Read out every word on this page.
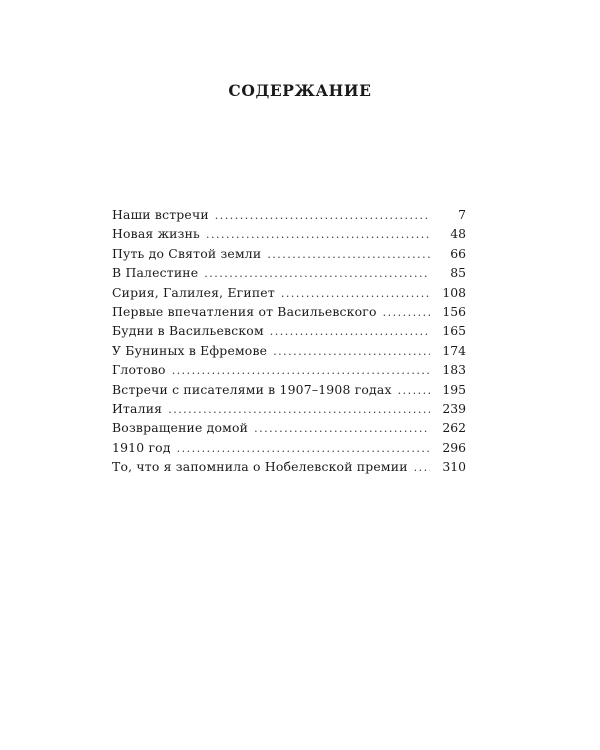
СОДЕРЖАНИЕ
Наши встречи . . .	7
Новая жизнь . . .	48
Путь до Святой земли . . .	66
В Палестине . . .	85
Сирия, Галилея, Египет . . .	108
Первые впечатления от Васильевского . . .	156
Будни в Васильевском . . .	165
У Буниных в Ефремове . . .	174
Глотово . . .	183
Встречи с писателями в 1907–1908 годах . . .	195
Италия . . .	239
Возвращение домой . . .	262
1910 год . . .	296
То, что я запомнила о Нобелевской премии . . .	310
